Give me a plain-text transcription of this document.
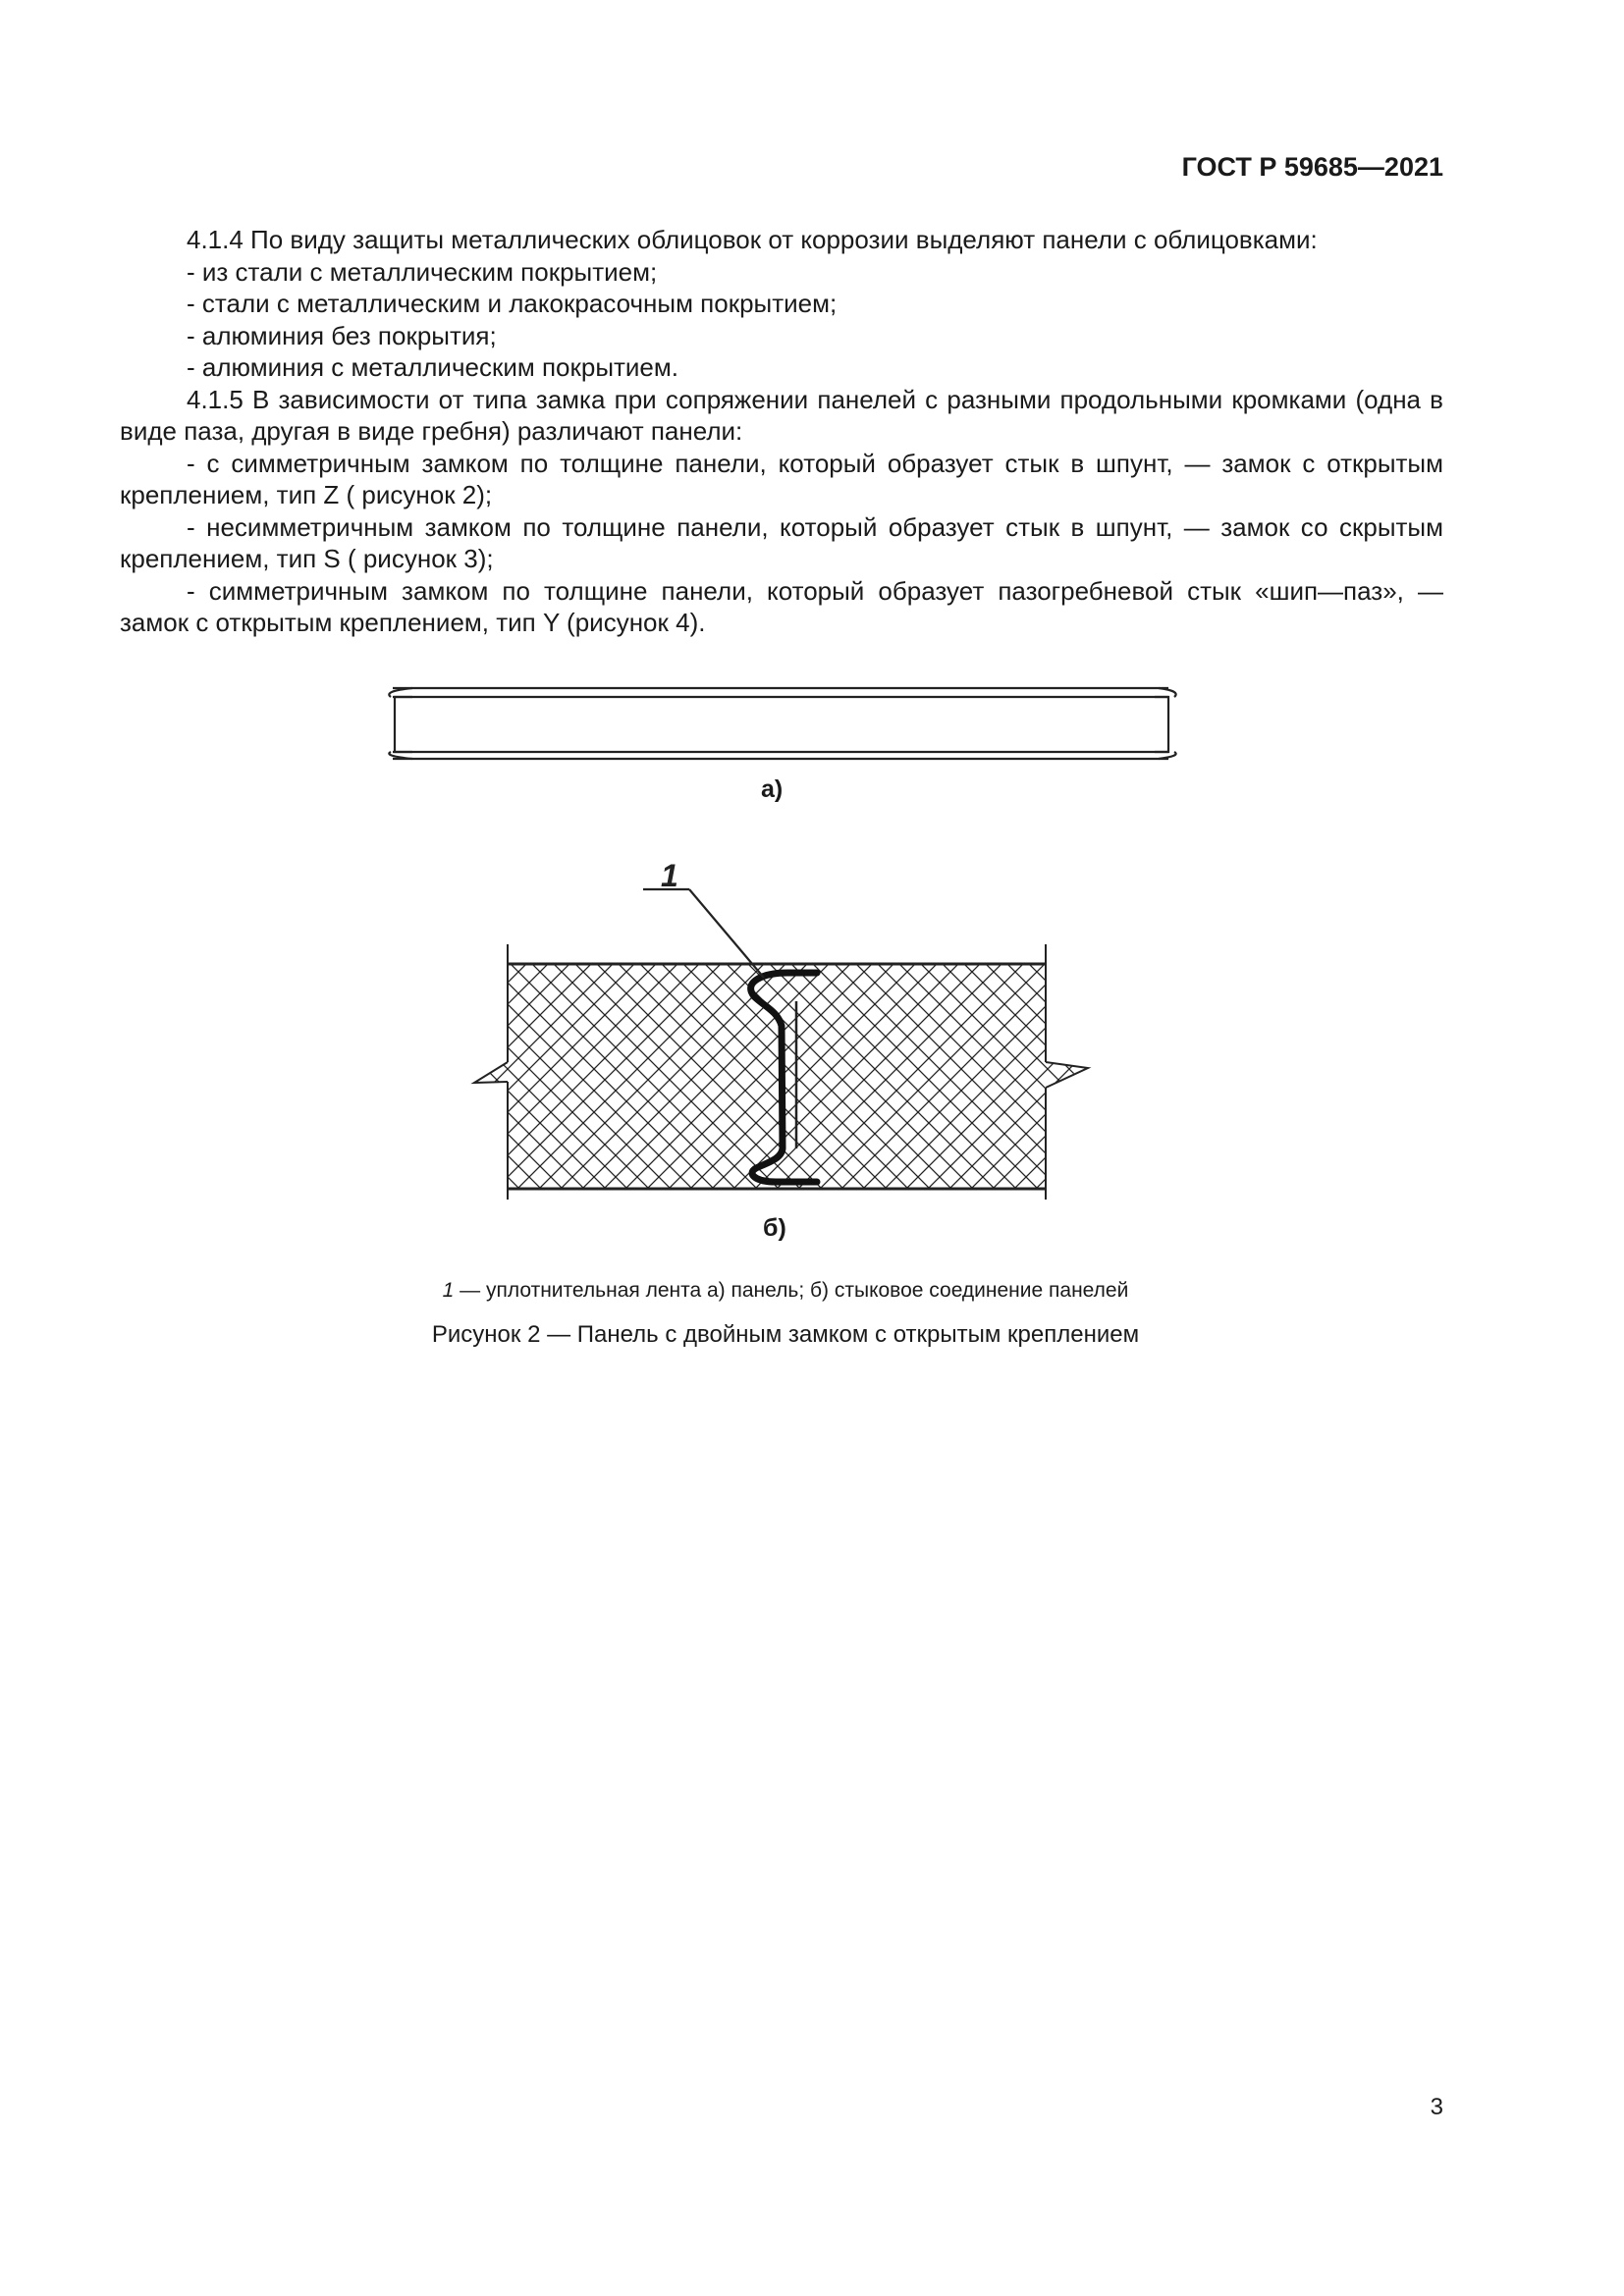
ГОСТ Р 59685—2021

4.1.4 По виду защиты металлических облицовок от коррозии выделяют панели с облицовками:

- из стали с металлическим покрытием;

- стали с металлическим и лакокрасочным покрытием;

- алюминия без покрытия;

- алюминия с металлическим покрытием.

4.1.5 В зависимости от типа замка при сопряжении панелей с разными продольными кромками (одна в виде паза, другая в виде гребня) различают панели:

- с симметричным замком по толщине панели, который образует стык в шпунт, — замок с открытым креплением, тип Z ( рисунок 2);

- несимметричным замком по толщине панели, который образует стык в шпунт, — замок со скрытым креплением, тип S ( рисунок 3);

- симметричным замком по толщине панели, который образует пазогребневой стык «шип—паз», — замок с открытым креплением, тип Y (рисунок 4).

1

а)

б)

1 — уплотнительная лента а) панель; б) стыковое соединение панелей

Рисунок 2 — Панель с двойным замком с открытым креплением

3
